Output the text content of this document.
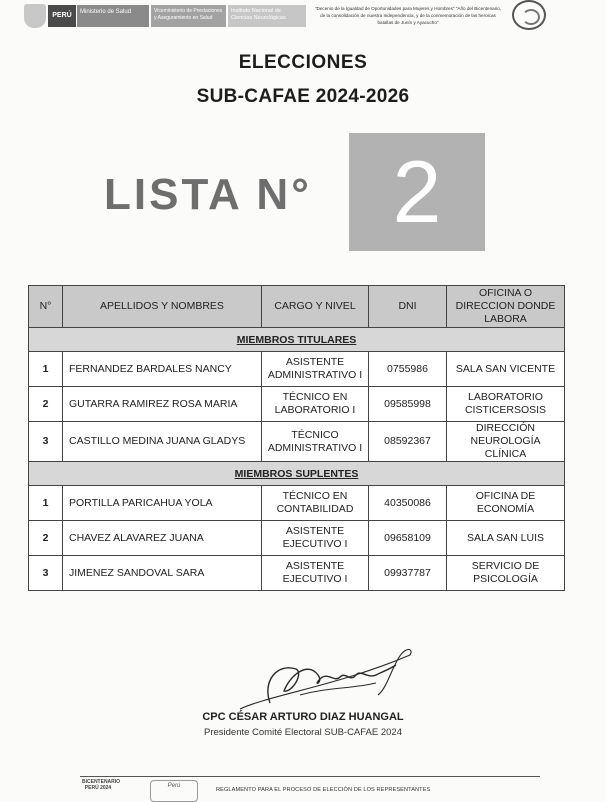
PERÚ	Ministerio de Salud	Viceministerio de Prestaciones y Aseguramiento en Salud
Instituto Nacional de Ciencias Neurológicas
"Decenio de la Igualdad de Oportunidades para Mujeres y Hombres" "Año del Bicentenario, de la consolidación de nuestra Independencia, y de la conmemoración de las heroicas batallas de Junín y Ayacucho"
ELECCIONES
SUB-CAFAE 2024-2026
LISTA N° 2
N°	APELLIDOS Y NOMBRES	CARGO Y NIVEL	DNI	OFICINA O DIRECCION DONDE LABORA
MIEMBROS TITULARES				
1	FERNANDEZ BARDALES NANCY	ASISTENTE ADMINISTRATIVO I	0755986	SALA SAN VICENTE
2	GUTARRA RAMIREZ ROSA MARIA	TÉCNICO EN LABORATORIO I	09585998	LABORATORIO CISTICERSOSIS
3	CASTILLO MEDINA JUANA GLADYS	TÉCNICO ADMINISTRATIVO I	08592367	DIRECCIÓN NEUROLOGÍA CLÍNICA
MIEMBROS SUPLENTES				
1	PORTILLA PARICAHUA YOLA	TÉCNICO EN CONTABILIDAD	40350086	OFICINA DE ECONOMÍA
2	CHAVEZ ALAVAREZ JUANA	ASISTENTE EJECUTIVO I	09658109	SALA SAN LUIS
3	JIMENEZ SANDOVAL SARA	ASISTENTE EJECUTIVO I	09937787	SERVICIO DE PSICOLOGÍA
CPC CÉSAR ARTURO DIAZ HUANGAL
Presidente Comité Electoral SUB-CAFAE 2024
BICENTENARIO PERÚ 2024	Perú
REGLAMENTO PARA EL PROCESO DE ELECCIÓN DE LOS REPRESENTANTES
